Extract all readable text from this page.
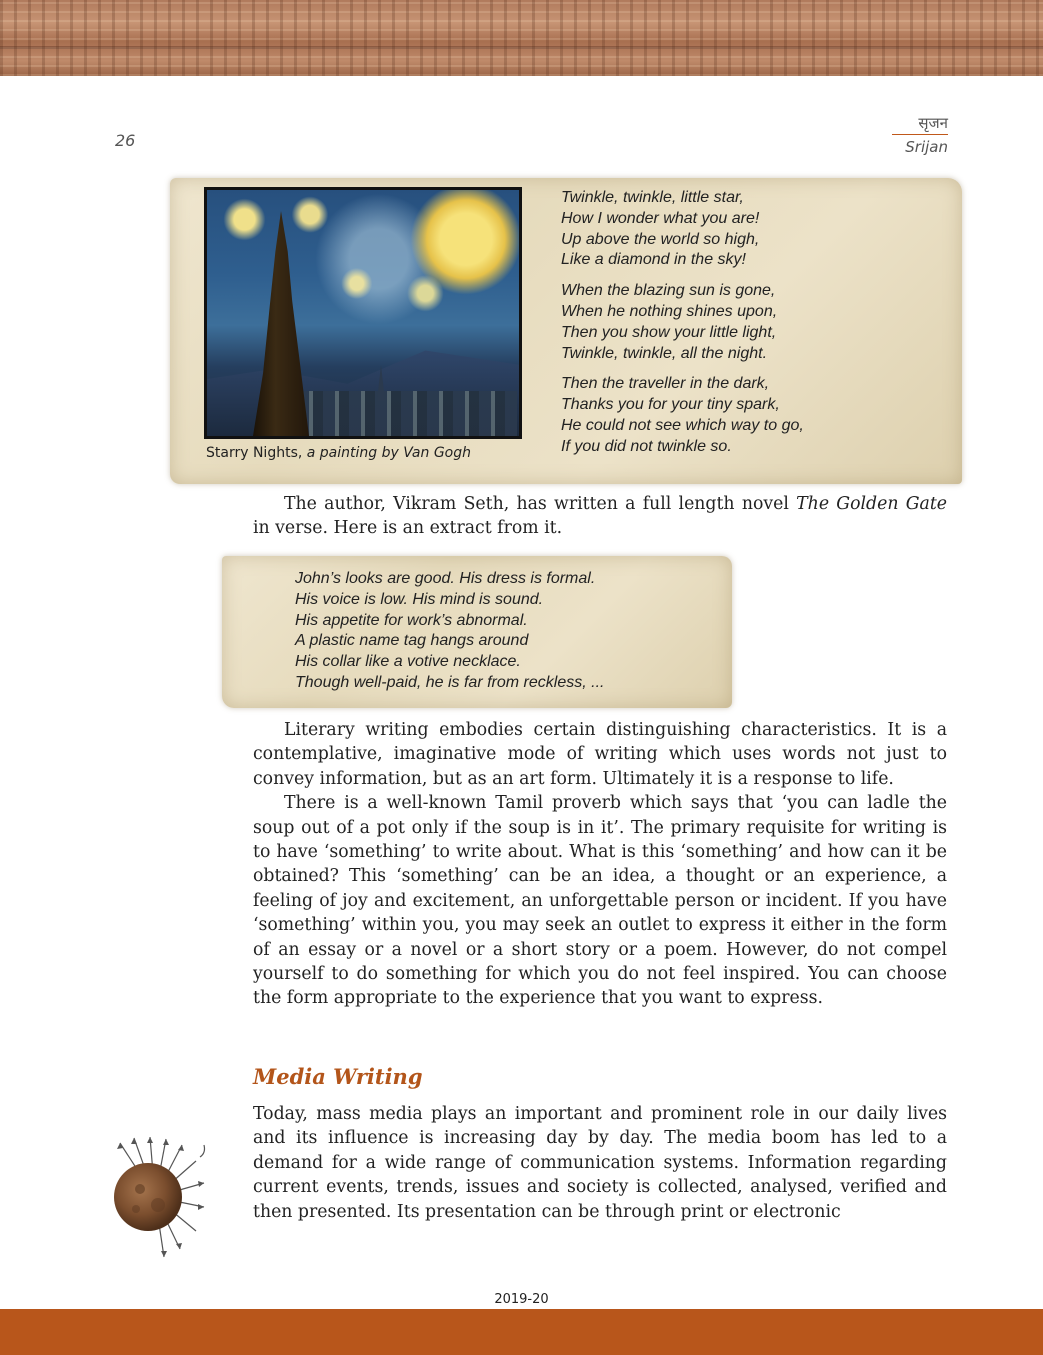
26
सृजन
Srijan
Starry Nights, a painting by Van Gogh
Twinkle, twinkle, little star,
How I wonder what you are!
Up above the world so high,
Like a diamond in the sky!
When the blazing sun is gone,
When he nothing shines upon,
Then you show your little light,
Twinkle, twinkle, all the night.
Then the traveller in the dark,
Thanks you for your tiny spark,
He could not see which way to go,
If you did not twinkle so.

The author, Vikram Seth, has written a full length novel The Golden Gate in verse. Here is an extract from it.

John’s looks are good. His dress is formal.
His voice is low. His mind is sound.
His appetite for work’s abnormal.
A plastic name tag hangs around
His collar like a votive necklace.
Though well-paid, he is far from reckless, ...

Literary writing embodies certain distinguishing characteristics. It is a contemplative, imaginative mode of writing which uses words not just to convey information, but as an art form. Ultimately it is a response to life.

There is a well-known Tamil proverb which says that ‘you can ladle the soup out of a pot only if the soup is in it’. The primary requisite for writing is to have ‘something’ to write about. What is this ‘something’ and how can it be obtained? This ‘something’ can be an idea, a thought or an experience, a feeling of joy and excitement, an unforgettable person or incident. If you have ‘something’ within you, you may seek an outlet to express it either in the form of an essay or a novel or a short story or a poem. However, do not compel yourself to do something for which you do not feel inspired. You can choose the form appropriate to the experience that you want to express.

Media Writing

Today, mass media plays an important and prominent role in our daily lives and its influence is increasing day by day. The media boom has led to a demand for a wide range of communication systems. Information regarding current events, trends, issues and society is collected, analysed, verified and then presented. Its presentation can be through print or electronic

2019-20
